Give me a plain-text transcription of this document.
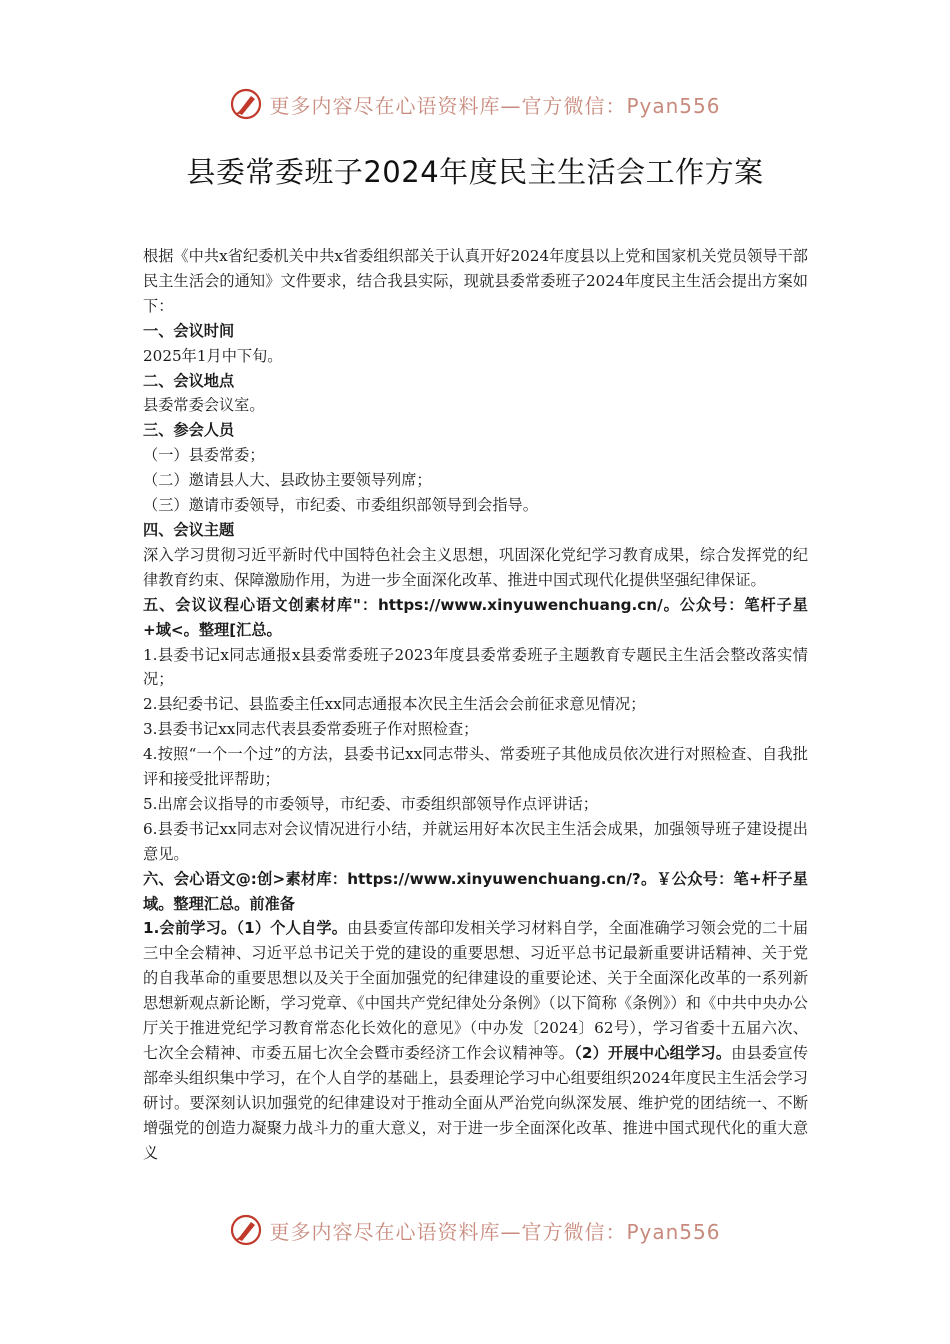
更多内容尽在心语资料库—官方微信：Pyan556
县委常委班子2024年度民主生活会工作方案

根据《中共x省纪委机关中共x省委组织部关于认真开好2024年度县以上党和国家机关党员领导干部民主生活会的通知》文件要求，结合我县实际，现就县委常委班子2024年度民主生活会提出方案如下：

一、会议时间

2025年1月中下旬。

二、会议地点

县委常委会议室。

三、参会人员

（一）县委常委；

（二）邀请县人大、县政协主要领导列席；

（三）邀请市委领导，市纪委、市委组织部领导到会指导。

四、会议主题

深入学习贯彻习近平新时代中国特色社会主义思想，巩固深化党纪学习教育成果，综合发挥党的纪律教育约束、保障激励作用，为进一步全面深化改革、推进中国式现代化提供坚强纪律保证。

五、会议议程心语文创素材库"：https://www.xinyuwenchuang.cn/。公众号：笔杆子星+域<。整理[汇总。

1.县委书记x同志通报x县委常委班子2023年度县委常委班子主题教育专题民主生活会整改落实情况；

2.县纪委书记、县监委主任xx同志通报本次民主生活会会前征求意见情况；

3.县委书记xx同志代表县委常委班子作对照检查；

4.按照“一个一个过”的方法，县委书记xx同志带头、常委班子其他成员依次进行对照检查、自我批评和接受批评帮助；

5.出席会议指导的市委领导，市纪委、市委组织部领导作点评讲话；

6.县委书记xx同志对会议情况进行小结，并就运用好本次民主生活会成果，加强领导班子建设提出意见。

六、会心语文@:创>素材库：https://www.xinyuwenchuang.cn/?。￥公众号：笔+杆子星域。整理汇总。前准备

1.会前学习。（1）个人自学。由县委宣传部印发相关学习材料自学，全面准确学习领会党的二十届三中全会精神、习近平总书记关于党的建设的重要思想、习近平总书记最新重要讲话精神、关于党的自我革命的重要思想以及关于全面加强党的纪律建设的重要论述、关于全面深化改革的一系列新思想新观点新论断，学习党章、《中国共产党纪律处分条例》（以下简称《条例》）和《中共中央办公厅关于推进党纪学习教育常态化长效化的意见》（中办发〔2024〕62号），学习省委十五届六次、七次全会精神、市委五届七次全会暨市委经济工作会议精神等。（2）开展中心组学习。由县委宣传部牵头组织集中学习，在个人自学的基础上，县委理论学习中心组要组织2024年度民主生活会学习研讨。要深刻认识加强党的纪律建设对于推动全面从严治党向纵深发展、维护党的团结统一、不断增强党的创造力凝聚力战斗力的重大意义，对于进一步全面深化改革、推进中国式现代化的重大意义

更多内容尽在心语资料库—官方微信：Pyan556
